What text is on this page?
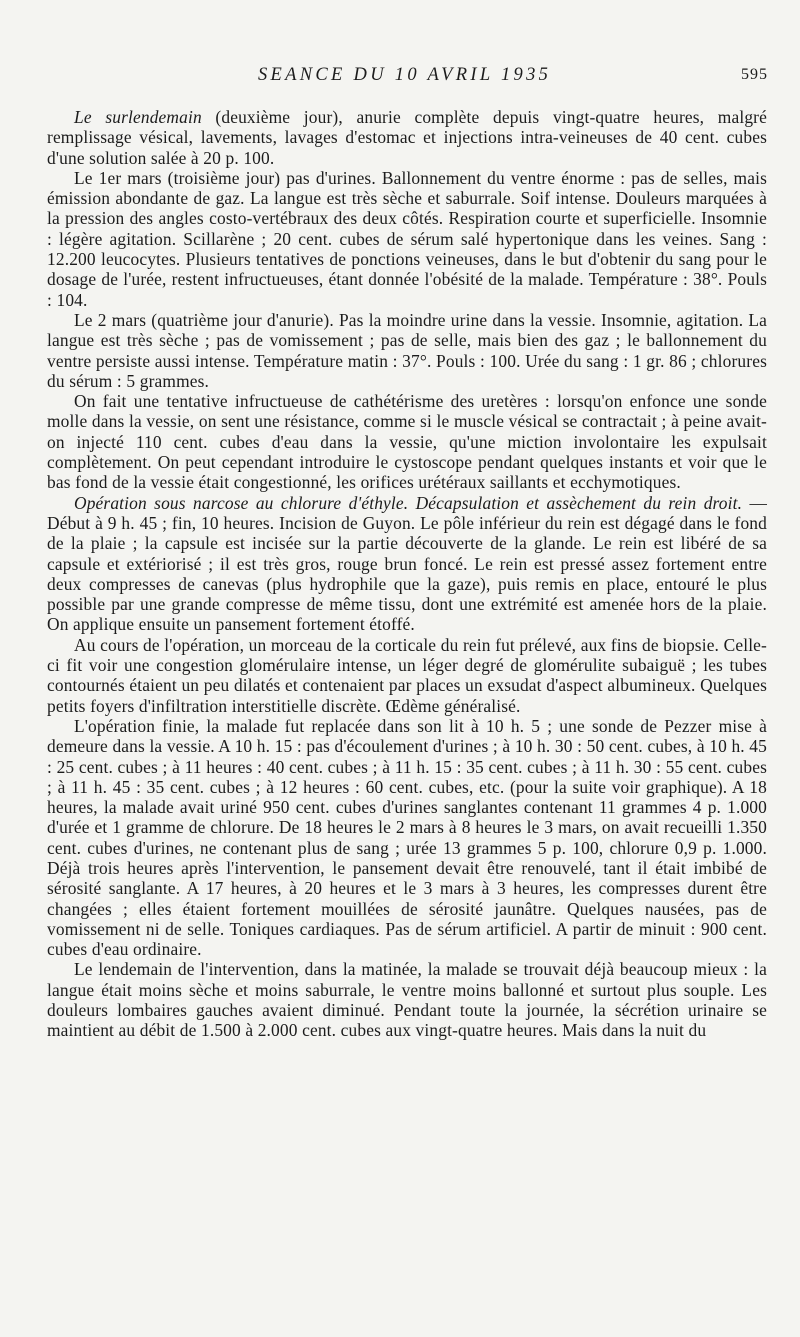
SEANCE DU 10 AVRIL 1935	595

Le surlendemain (deuxième jour), anurie complète depuis vingt-quatre heures, malgré remplissage vésical, lavements, lavages d'estomac et injections intra-veineuses de 40 cent. cubes d'une solution salée à 20 p. 100.

Le 1er mars (troisième jour) pas d'urines. Ballonnement du ventre énorme : pas de selles, mais émission abondante de gaz. La langue est très sèche et saburrale. Soif intense. Douleurs marquées à la pression des angles costo-vertébraux des deux côtés. Respiration courte et superficielle. Insomnie : légère agitation. Scillarène ; 20 cent. cubes de sérum salé hypertonique dans les veines. Sang : 12.200 leucocytes. Plusieurs tentatives de ponctions veineuses, dans le but d'obtenir du sang pour le dosage de l'urée, restent infructueuses, étant donnée l'obésité de la malade. Température : 38°. Pouls : 104.

Le 2 mars (quatrième jour d'anurie). Pas la moindre urine dans la vessie. Insomnie, agitation. La langue est très sèche ; pas de vomissement ; pas de selle, mais bien des gaz ; le ballonnement du ventre persiste aussi intense. Température matin : 37°. Pouls : 100. Urée du sang : 1 gr. 86 ; chlorures du sérum : 5 grammes.

On fait une tentative infructueuse de cathétérisme des uretères : lorsqu'on enfonce une sonde molle dans la vessie, on sent une résistance, comme si le muscle vésical se contractait ; à peine avait-on injecté 110 cent. cubes d'eau dans la vessie, qu'une miction involontaire les expulsait complètement. On peut cependant introduire le cystoscope pendant quelques instants et voir que le bas fond de la vessie était congestionné, les orifices urétéraux saillants et ecchymotiques.

Opération sous narcose au chlorure d'éthyle. Décapsulation et assèchement du rein droit. — Début à 9 h. 45 ; fin, 10 heures. Incision de Guyon. Le pôle inférieur du rein est dégagé dans le fond de la plaie ; la capsule est incisée sur la partie découverte de la glande. Le rein est libéré de sa capsule et extériorisé ; il est très gros, rouge brun foncé. Le rein est pressé assez fortement entre deux compresses de canevas (plus hydrophile que la gaze), puis remis en place, entouré le plus possible par une grande compresse de même tissu, dont une extrémité est amenée hors de la plaie. On applique ensuite un pansement fortement étoffé.

Au cours de l'opération, un morceau de la corticale du rein fut prélevé, aux fins de biopsie. Celle-ci fit voir une congestion glomérulaire intense, un léger degré de glomérulite subaiguë ; les tubes contournés étaient un peu dilatés et contenaient par places un exsudat d'aspect albumineux. Quelques petits foyers d'infiltration interstitielle discrète. Œdème généralisé.

L'opération finie, la malade fut replacée dans son lit à 10 h. 5 ; une sonde de Pezzer mise à demeure dans la vessie. A 10 h. 15 : pas d'écoulement d'urines ; à 10 h. 30 : 50 cent. cubes, à 10 h. 45 : 25 cent. cubes ; à 11 heures : 40 cent. cubes ; à 11 h. 15 : 35 cent. cubes ; à 11 h. 30 : 55 cent. cubes ; à 11 h. 45 : 35 cent. cubes ; à 12 heures : 60 cent. cubes, etc. (pour la suite voir graphique). A 18 heures, la malade avait uriné 950 cent. cubes d'urines sanglantes contenant 11 grammes 4 p. 1.000 d'urée et 1 gramme de chlorure. De 18 heures le 2 mars à 8 heures le 3 mars, on avait recueilli 1.350 cent. cubes d'urines, ne contenant plus de sang ; urée 13 grammes 5 p. 100, chlorure 0,9 p. 1.000. Déjà trois heures après l'intervention, le pansement devait être renouvelé, tant il était imbibé de sérosité sanglante. A 17 heures, à 20 heures et le 3 mars à 3 heures, les compresses durent être changées ; elles étaient fortement mouillées de sérosité jaunâtre. Quelques nausées, pas de vomissement ni de selle. Toniques cardiaques. Pas de sérum artificiel. A partir de minuit : 900 cent. cubes d'eau ordinaire.

Le lendemain de l'intervention, dans la matinée, la malade se trouvait déjà beaucoup mieux : la langue était moins sèche et moins saburrale, le ventre moins ballonné et surtout plus souple. Les douleurs lombaires gauches avaient diminué. Pendant toute la journée, la sécrétion urinaire se maintient au débit de 1.500 à 2.000 cent. cubes aux vingt-quatre heures. Mais dans la nuit du
